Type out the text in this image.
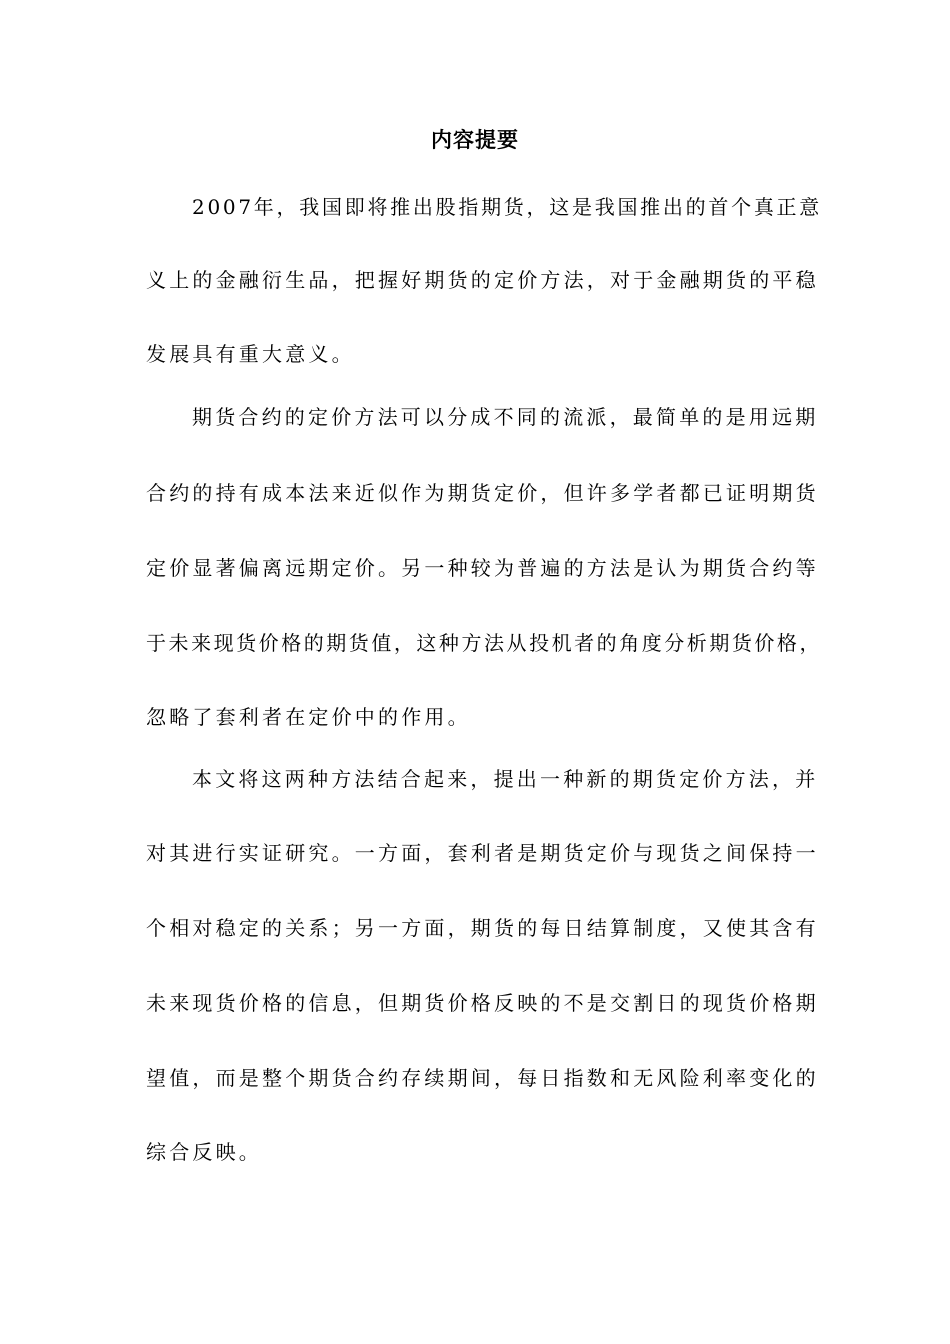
内容提要
2007年，我国即将推出股指期货，这是我国推出的首个真正意
义上的金融衍生品，把握好期货的定价方法，对于金融期货的平稳
发展具有重大意义。
期货合约的定价方法可以分成不同的流派，最简单的是用远期
合约的持有成本法来近似作为期货定价，但许多学者都已证明期货
定价显著偏离远期定价。另一种较为普遍的方法是认为期货合约等
于未来现货价格的期货值，这种方法从投机者的角度分析期货价格，
忽略了套利者在定价中的作用。
本文将这两种方法结合起来，提出一种新的期货定价方法，并
对其进行实证研究。一方面，套利者是期货定价与现货之间保持一
个相对稳定的关系；另一方面，期货的每日结算制度，又使其含有
未来现货价格的信息，但期货价格反映的不是交割日的现货价格期
望值，而是整个期货合约存续期间，每日指数和无风险利率变化的
综合反映。
